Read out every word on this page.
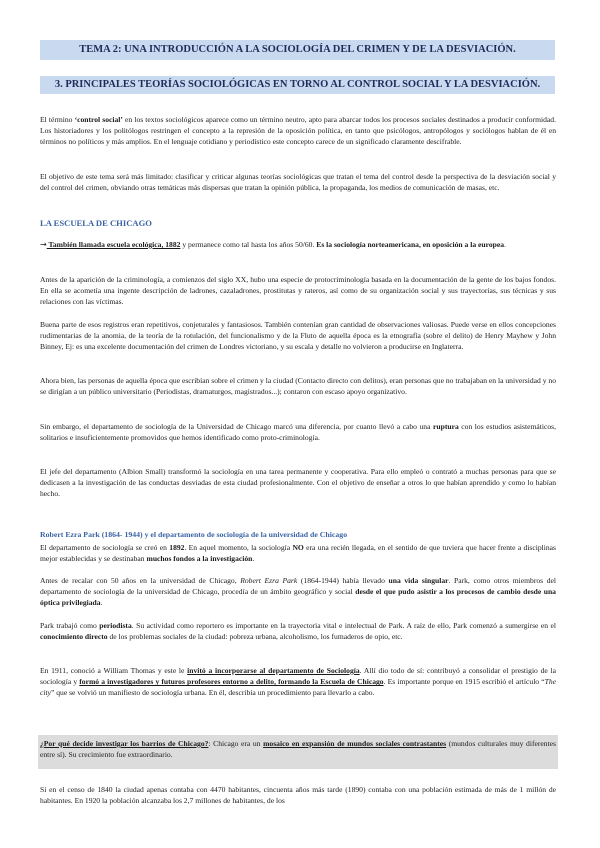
TEMA 2: UNA INTRODUCCIÓN A LA SOCIOLOGÍA DEL CRIMEN Y DE LA DESVIACIÓN.
3. PRINCIPALES TEORÍAS SOCIOLÓGICAS EN TORNO AL CONTROL SOCIAL Y LA DESVIACIÓN.

El término ‘control social’ en los textos sociológicos aparece como un término neutro, apto para abarcar todos los procesos sociales destinados a producir conformidad. Los historiadores y los politólogos restringen el concepto a la represión de la oposición política, en tanto que psicólogos, antropólogos y sociólogos hablan de él en términos no políticos y más amplios. En el lenguaje cotidiano y periodístico este concepto carece de un significado claramente descifrable.

El objetivo de este tema será más limitado: clasificar y criticar algunas teorías sociológicas que tratan el tema del control desde la perspectiva de la desviación social y del control del crimen, obviando otras temáticas más dispersas que tratan la opinión pública, la propaganda, los medios de comunicación de masas, etc.

LA ESCUELA DE CHICAGO

→ También llamada escuela ecológica, 1882 y permanece como tal hasta los años 50/60. Es la sociología norteamericana, en oposición a la europea.

Antes de la aparición de la criminología, a comienzos del siglo XX, hubo una especie de protocriminología basada en la documentación de la gente de los bajos fondos. En ella se acometía una ingente descripción de ladrones, cazaladrones, prostitutas y rateros, así como de su organización social y sus trayectorias, sus técnicas y sus relaciones con las víctimas.

Buena parte de esos registros eran repetitivos, conjeturales y fantasiosos. También contenían gran cantidad de observaciones valiosas. Puede verse en ellos concepciones rudimentarias de la anomia, de la teoría de la rotulación, del funcionalismo y de la Fluto de aquella época es la etnografía (sobre el delito) de Henry Mayhew y John Binney, Ej: es una excelente documentación del crimen de Londres victoriano, y su escala y detalle no volvieron a producirse en Inglaterra.

Ahora bien, las personas de aquella época que escribían sobre el crimen y la ciudad (Contacto directo con delitos), eran personas que no trabajaban en la universidad y no se dirigían a un público universitario (Periodistas, dramaturgos, magistrados...); contaron con escaso apoyo organizativo.

Sin embargo, el departamento de sociología de la Universidad de Chicago marcó una diferencia, por cuanto llevó a cabo una ruptura con los estudios asistemáticos, solitarios e insuficientemente promovidos que hemos identificado como proto-criminología.

El jefe del departamento (Albion Small) transformó la sociología en una tarea permanente y cooperativa. Para ello empleó o contrató a muchas personas para que se dedicasen a la investigación de las conductas desviadas de esta ciudad profesionalmente. Con el objetivo de enseñar a otros lo que habían aprendido y como lo habían hecho.

Robert Ezra Park (1864- 1944) y el departamento de sociología de la universidad de Chicago

El departamento de sociología se creó en 1892. En aquel momento, la sociología NO era una recién llegada, en el sentido de que tuviera que hacer frente a disciplinas mejor establecidas y se destinaban muchos fondos a la investigación.

Antes de recalar con 50 años en la universidad de Chicago, Robert Ezra Park (1864-1944) había llevado una vida singular. Park, como otros miembros del departamento de sociología de la universidad de Chicago, procedía de un ámbito geográfico y social desde el que pudo asistir a los procesos de cambio desde una óptica privilegiada.

Park trabajó como periodista. Su actividad como reportero es importante en la trayectoria vital e intelectual de Park. A raíz de ello, Park comenzó a sumergirse en el conocimiento directo de los problemas sociales de la ciudad: pobreza urbana, alcoholismo, los fumaderos de opio, etc.

En 1911, conoció a William Thomas y este le invitó a incorporarse al departamento de Sociología. Allí dio todo de sí: contribuyó a consolidar el prestigio de la sociología y formó a investigadores y futuros profesores entorno a delito, formando la Escuela de Chicago. Es importante porque en 1915 escribió el artículo “The city” que se volvió un manifiesto de sociología urbana. En él, describía un procedimiento para llevarlo a cabo.

¿Por qué decide investigar los barrios de Chicago?: Chicago era un mosaico en expansión de mundos sociales contrastantes (mundos culturales muy diferentes entre sí). Su crecimiento fue extraordinario.

Si en el censo de 1840 la ciudad apenas contaba con 4470 habitantes, cincuenta años más tarde (1890) contaba con una población estimada de más de 1 millón de habitantes. En 1920 la población alcanzaba los 2,7 millones de habitantes, de los
